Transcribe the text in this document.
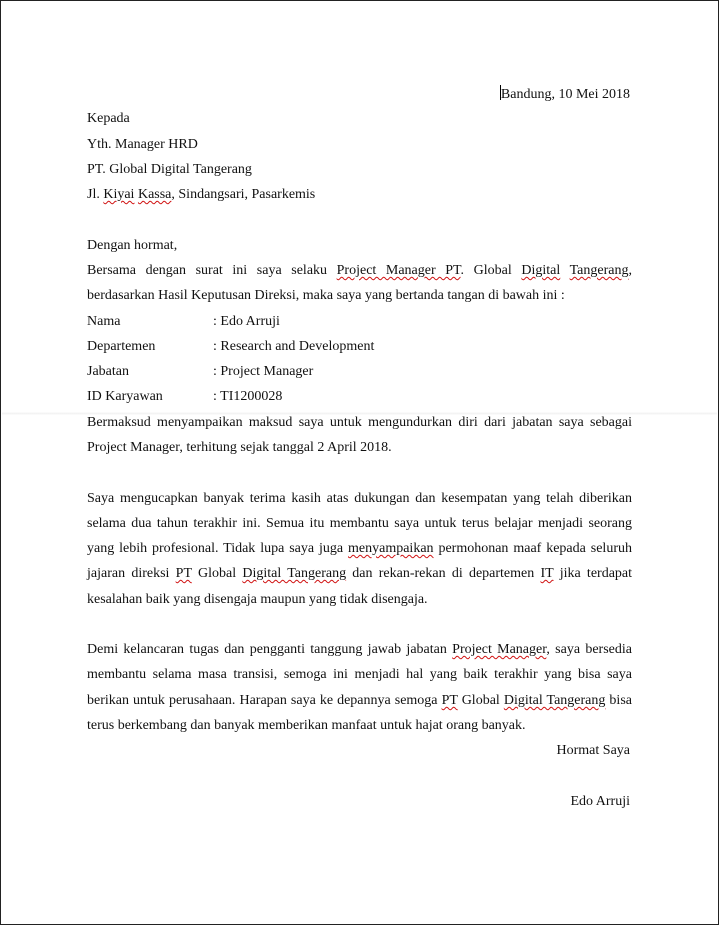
Bandung, 10 Mei 2018
Kepada
Yth. Manager HRD
PT. Global Digital Tangerang
Jl. Kiyai Kassa, Sindangsari, Pasarkemis
Dengan hormat,
Bersama dengan surat ini saya selaku Project Manager PT. Global Digital Tangerang,
berdasarkan Hasil Keputusan Direksi, maka saya yang bertanda tangan di bawah ini :
Nama	: Edo Arruji
Departemen	: Research and Development
Jabatan	: Project Manager
ID Karyawan	: TI1200028
Bermaksud menyampaikan maksud saya untuk mengundurkan diri dari jabatan saya sebagai
Project Manager, terhitung sejak tanggal 2 April 2018.
Saya mengucapkan banyak terima kasih atas dukungan dan kesempatan yang telah diberikan
selama dua tahun terakhir ini. Semua itu membantu saya untuk terus belajar menjadi seorang
yang lebih profesional. Tidak lupa saya juga menyampaikan permohonan maaf kepada seluruh
jajaran direksi PT Global Digital Tangerang dan rekan-rekan di departemen IT jika terdapat
kesalahan baik yang disengaja maupun yang tidak disengaja.
Demi kelancaran tugas dan pengganti tanggung jawab jabatan Project Manager, saya bersedia
membantu selama masa transisi, semoga ini menjadi hal yang baik terakhir yang bisa saya
berikan untuk perusahaan. Harapan saya ke depannya semoga PT Global Digital Tangerang bisa
terus berkembang dan banyak memberikan manfaat untuk hajat orang banyak.
Hormat Saya
Edo Arruji
